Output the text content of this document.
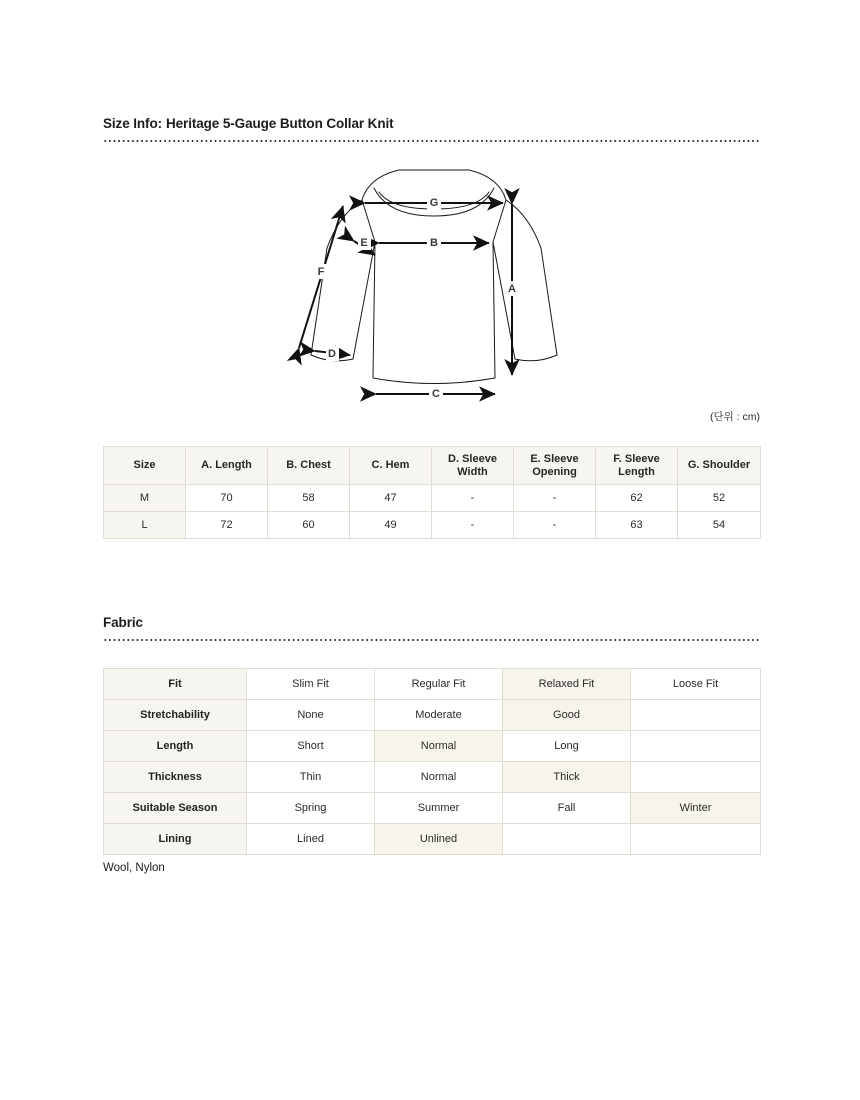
Size Info: Heritage 5-Gauge Button Collar Knit
G
B
C
A
F
E
D
(단위 : cm)
Size	A. Length	B. Chest	C. Hem	D. Sleeve Width	E. Sleeve Opening	F. Sleeve Length	G. Shoulder
M	70	58	47	-	-	62	52
L	72	60	49	-	-	63	54
Fabric
Fit	Slim Fit	Regular Fit	Relaxed Fit	Loose Fit
Stretchability	None	Moderate	Good	
Length	Short	Normal	Long	
Thickness	Thin	Normal	Thick	
Suitable Season	Spring	Summer	Fall	Winter
Lining	Lined	Unlined		
Wool, Nylon
